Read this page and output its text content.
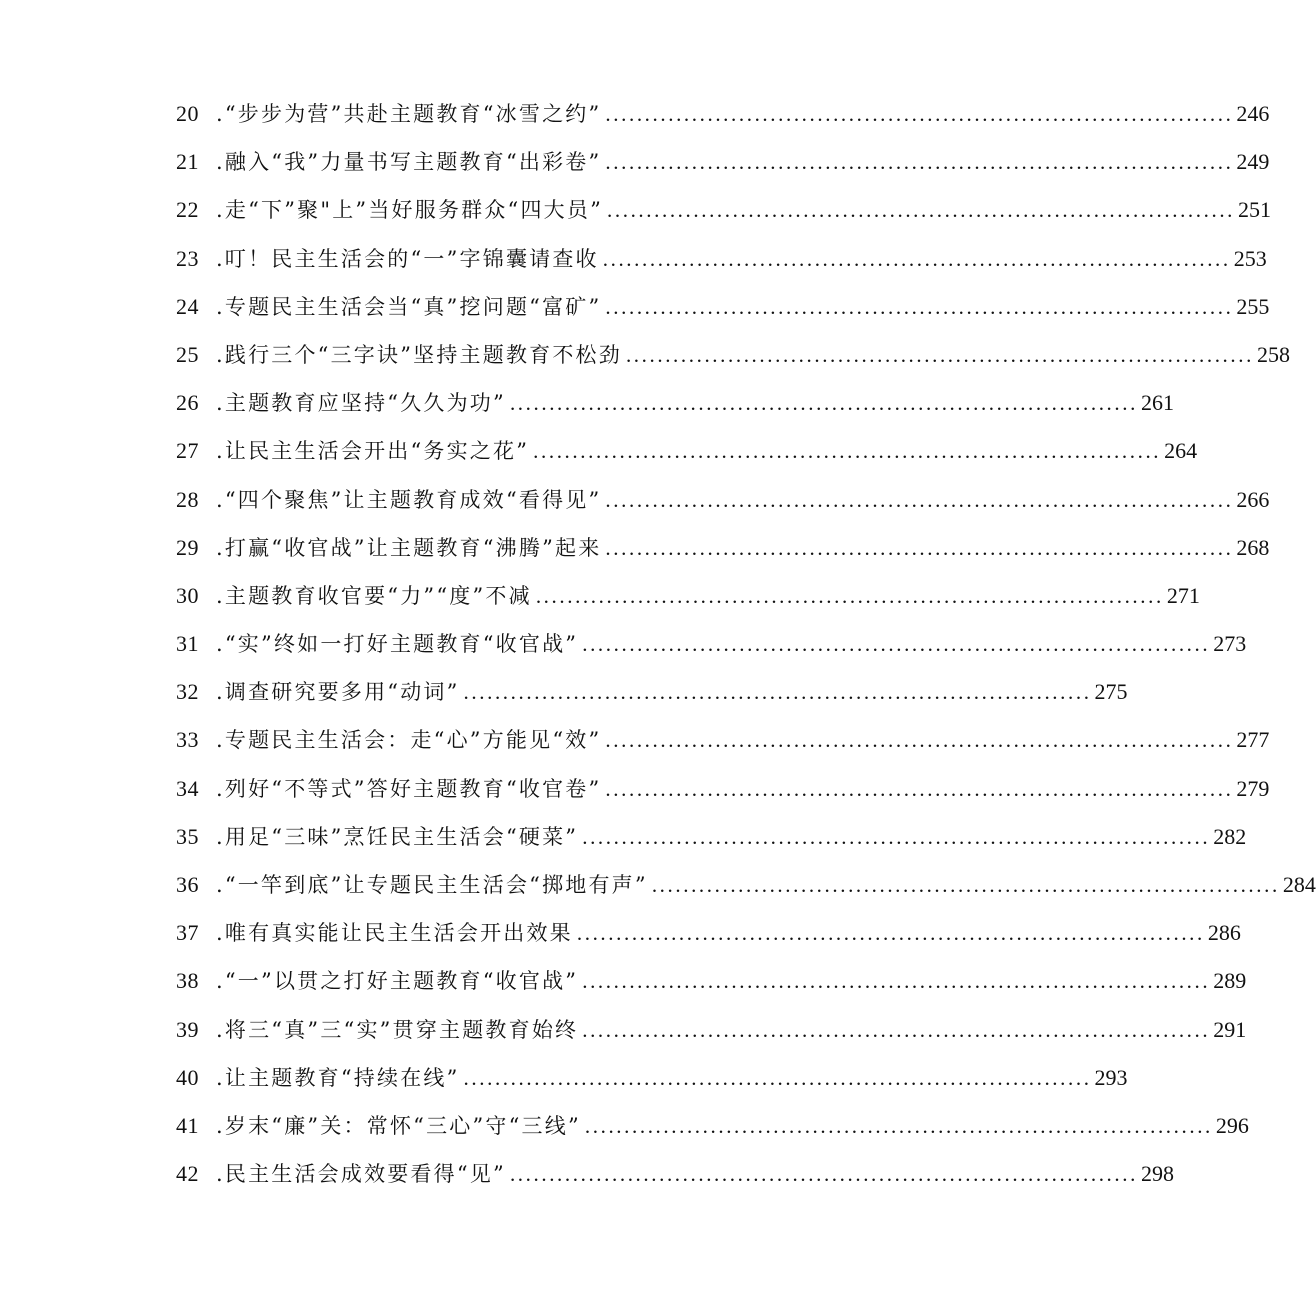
20 .“步步为营”共赴主题教育“冰雪之约” ................................................................................ 246
21 .融入“我”力量书写主题教育“出彩卷” ................................................................................ 249
22 .走“下”聚"上”当好服务群众“四大员” ................................................................................ 251
23 .叮！民主生活会的“一”字锦囊请查收 ................................................................................ 253
24 .专题民主生活会当“真”挖问题“富矿” ................................................................................ 255
25 .践行三个“三字诀”坚持主题教育不松劲 ................................................................................ 258
26 .主题教育应坚持“久久为功” ................................................................................ 261
27 .让民主生活会开出“务实之花” ................................................................................ 264
28 .“四个聚焦”让主题教育成效“看得见” ................................................................................ 266
29 .打赢“收官战”让主题教育“沸腾”起来 ................................................................................ 268
30 .主题教育收官要“力”“度”不减 ................................................................................ 271
31 .“实”终如一打好主题教育“收官战” ................................................................................ 273
32 .调查研究要多用“动词” ................................................................................ 275
33 .专题民主生活会：走“心”方能见“效” ................................................................................ 277
34 .列好“不等式”答好主题教育“收官卷” ................................................................................ 279
35 .用足“三味”烹饪民主生活会“硬菜” ................................................................................ 282
36 .“一竿到底”让专题民主生活会“掷地有声” ................................................................................ 284
37 .唯有真实能让民主生活会开出效果 ................................................................................ 286
38 .“一”以贯之打好主题教育“收官战” ................................................................................ 289
39 .将三“真”三“实”贯穿主题教育始终 ................................................................................ 291
40 .让主题教育“持续在线” ................................................................................ 293
41 .岁末“廉”关：常怀“三心”守“三线” ................................................................................ 296
42 .民主生活会成效要看得“见” ................................................................................ 298
